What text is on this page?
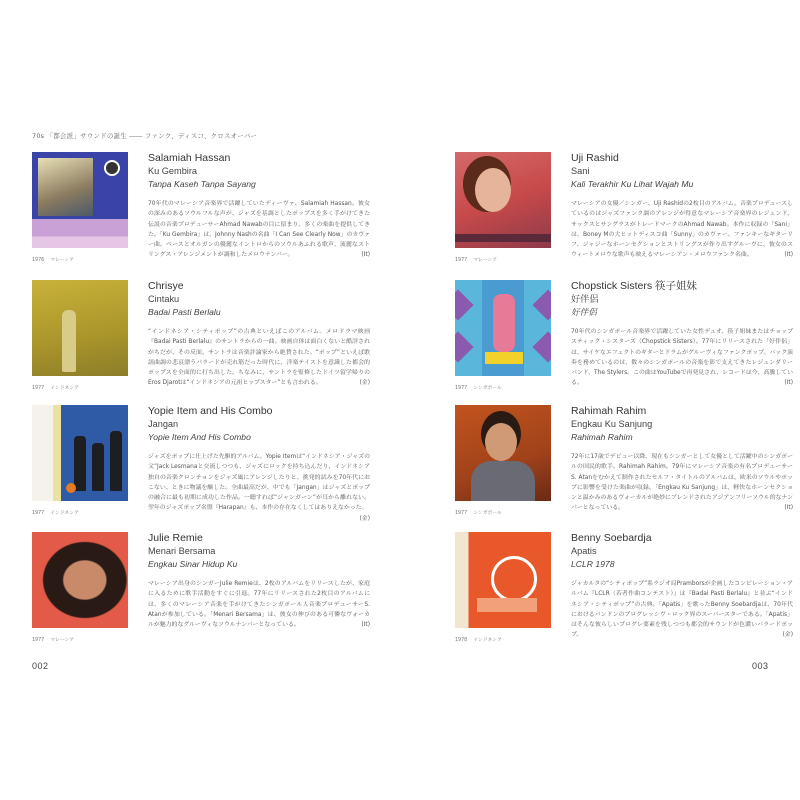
70s 「都会派」サウンドの誕生 ―― ファンク、ディスコ、クロスオーバー
1976 マレーシア
Salamiah Hassan
Ku Gembira
Tanpa Kaseh Tanpa Sayang
70年代のマレーシア音楽界で活躍していたディーヴァ、Salamiah Hassan。彼女の深みのあるソウルフルな声が、ジャズを基調としたポップスを多く手がけてきた伝説の音楽プロデューサーAhmad Nawabの目に留まり、多くの楽曲を提供してきた。「Ku Gembira」は、Johnny Nashの名曲「I Can See Clearly Now」のカヴァー曲。ベースとオルガンの優麗なイントロからのソウルあふれる歌声、流麗なストリングス・アレンジメントが調和したメロウナンバー。	(It)
1977 インドネシア
Chrisye
Cintaku
Badai Pasti Berlalu
“インドネシア・シティポップ”の古典といえばこのアルバム。メロドラマ映画『Badai Pasti Berlalu』のサントラからの一曲。映画自体は面白くないと酷評されがちだが、その反面、サントラは音楽評論家から絶賛された。“ポップ”といえば歌謡曲調の悲哀漂うバラードが売れ筋だった時代に、洋楽テイストを意識した都会的ポップスを全面的に打ち出した。ちなみに、サントラを監修したドイツ留学帰りのEros Djarotは“インドネシアの元祖ヒップスター”とも言われる。	(金)
1977 インドネシア
Yopie Item and His Combo
Jangan
Yopie Item And His Combo
ジャズをポップに仕上げた先駆的アルバム。Yopie Itemは“インドネシア・ジャズの父”Jack Lesmanaと交流しつつも、ジャズにロックを持ち込んだり、インドネシア独自の音楽クロンチョンをジャズ風にアレンジしたりと、挑発的試みを70年代におこない、ときに物議を醸した。全曲最高だが、中でも「Jangan」はジャズとポップの融合に最も初期に成功した作品。一聴すれば“ジャンガーン”が耳から離れない。翌年のジャズポップ名盤『Harapan』も、本作の存在なくしてはありえなかった。
(金)
1977 マレーシア
Julie Remie
Menari Bersama
Engkau Sinar Hidup Ku
マレーシア出身のシンガーJulie Remieは、2枚のアルバムをリリースしたが、家庭に入るために歌手活動をすぐに引退。77年にリリースされた2枚目のアルバムには、多くのマレーシア音楽を手がけてきたシンガポール人音楽プロデューサーS. Atanが参加している。「Menari Bersama」は、彼女の伸びのある可憐なヴォーカルが魅力的なグルーヴィなソウルナンバーとなっている。	(It)
1977 マレーシア
Uji Rashid
Sani
Kali Terakhir Ku Lihat Wajah Mu
マレーシアの女優／シンガー、Uji Rashidの2枚目のアルバム。音楽プロデュースしているのはジャズファンク調のアレンジが得意なマレーシア音楽界のレジェンド、サックスとサングラスがトレードマークのAhmad Nawab。本作に収録の「Sani」は、Boney Mの大ヒットディスコ曲「Sunny」のカヴァー。ファンキーなギターリフ、ジャジーなホーンセクションとストリングスが作り出すグルーヴに、彼女のスウィートメロウな歌声も映えるマレーシアン・メロウファンク名曲。	(It)
1977 シンガポール
Chopstick Sisters 筷子姐妹
好伴侶
好伴侶
70年代のシンガポール音楽界で活躍していた女性デュオ、筷子姐妹またはチョップスティック・シスターズ（Chopstick Sisters）。77年にリリースされた「好伴侶」は、サイケなエフェクトのギターとドラムがグルーヴィなファンクポップ。バック演奏を務めているのは、数々のシンガポールの音楽を影で支えてきたレジェンダリーバンド、The Stylers。この曲はYouTubeで再発見され、レコードは今、高騰している。	(It)
1977 シンガポール
Rahimah Rahim
Engkau Ku Sanjung
Rahimah Rahim
72年に17歳でデビュー以降、現在もシンガーとして女優として活躍中のシンガポールの国民的歌手、Rahimah Rahim。79年にマレーシア音楽の有名プロデューサーS. Atanをむかえて制作されたセルフ・タイトルのアルバムは、欧米のソウルやポップに影響を受けた楽曲が収録。「Engkau Ku Sanjung」は、軽快なホーンセクションと温かみのあるヴォーカルが絶妙にブレンドされたアジアンフリーソウル的なナンバーとなっている。	(It)
1978 インドネシア
Benny Soebardja
Apatis
LCLR 1978
ジャカルタの“シティポップ”系ラジオ局Pramborsが企画したコンピレーション・アルバム『LCLR（若者作曲コンテスト）』は『Badai Pasti Berlalu』と並ぶ“インドネシア・シティポップ”の古典。「Apatis」を歌ったBenny Soebardjaは、70年代におけるバンドンのプログレッシヴ・ロック界のスーパースターである。「Apatis」はそんな彼らしいプログレ要素を残しつつも都会的サウンドが色濃いバラードポップ。	(金)
002	003
